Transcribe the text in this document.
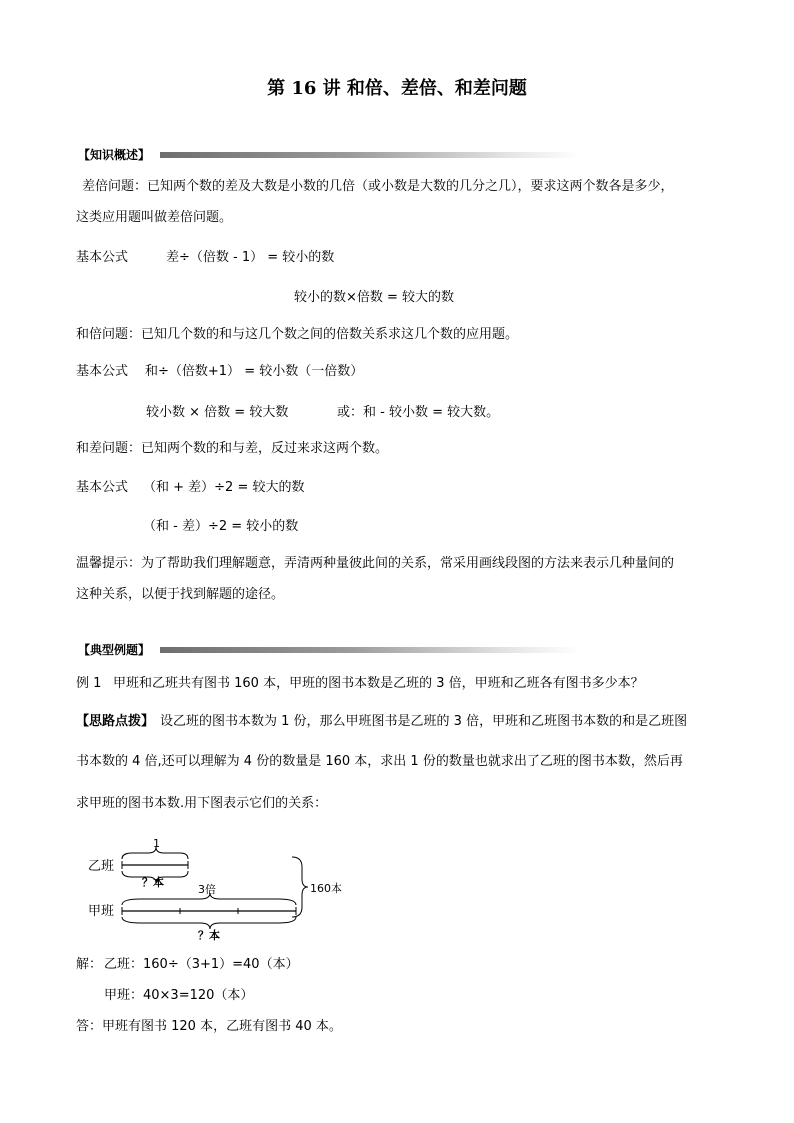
第 16 讲 和倍、差倍、和差问题
【知识概述】
差倍问题：已知两个数的差及大数是小数的几倍（或小数是大数的几分之几），要求这两个数各是多少，
这类应用题叫做差倍问题。
基本公式	差÷（倍数 - 1） = 较小的数
较小的数×倍数 = 较大的数
和倍问题：已知几个数的和与这几个数之间的倍数关系求这几个数的应用题。
基本公式 和÷（倍数+1） = 较小数（一倍数）
较小数 × 倍数 = 较大数	或：和 - 较小数 = 较大数。
和差问题：已知两个数的和与差，反过来求这两个数。
基本公式 （和 + 差）÷2 = 较大的数
（和 - 差）÷2 = 较小的数
温馨提示：为了帮助我们理解题意，弄清两种量彼此间的关系，常采用画线段图的方法来表示几种量间的
这种关系，以便于找到解题的途径。
【典型例题】
例 1 甲班和乙班共有图书 160 本，甲班的图书本数是乙班的 3 倍，甲班和乙班各有图书多少本？
【思路点拨】 设乙班的图书本数为 1 份，那么甲班图书是乙班的 3 倍，甲班和乙班图书本数的和是乙班图
书本数的 4 倍,还可以理解为 4 份的数量是 160 本，求出 1 份的数量也就求出了乙班的图书本数，然后再
求甲班的图书本数.用下图表示它们的关系：
乙班
1
？本
甲班
3倍
？本
160本
解： 乙班：160÷（3+1）=40（本）
甲班：40×3=120（本）
答：甲班有图书 120 本，乙班有图书 40 本。
